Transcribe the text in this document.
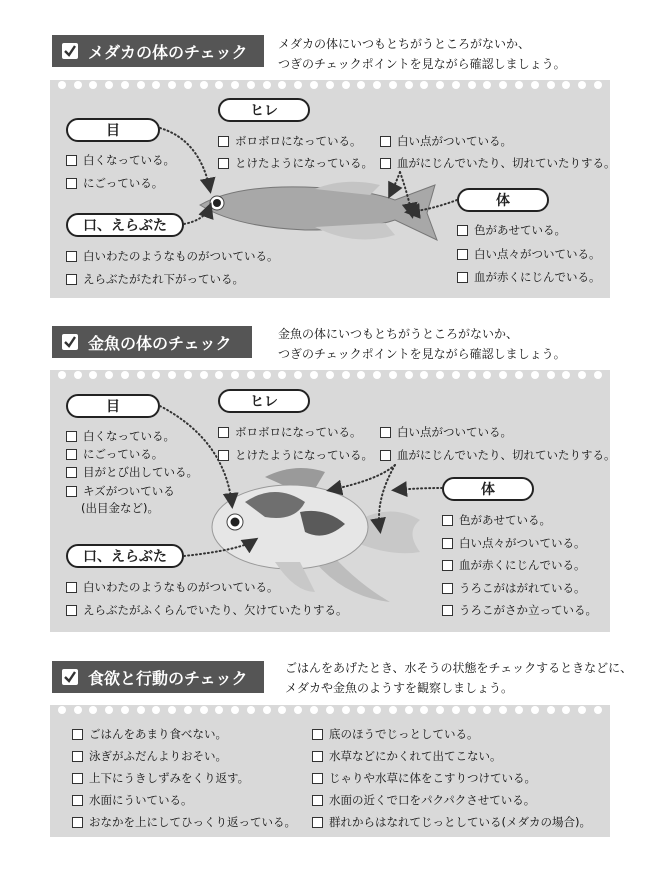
メダカの体のチェック	メダカの体にいつもとちがうところがないか、
つぎのチェックポイントを見ながら確認しましょう。
目
ヒレ
体
口、えらぶた
白くなっている。
にごっている。
ボロボロになっている。
とけたようになっている。
白い点がついている。
血がにじんでいたり、切れていたりする。
色があせている。
白い点々がついている。
血が赤くにじんでいる。
白いわたのようなものがついている。
えらぶたがたれ下がっている。
金魚の体のチェック	金魚の体にいつもとちがうところがないか、
つぎのチェックポイントを見ながら確認しましょう。
目	ヒレ
体
口、えらぶた
白くなっている。
にごっている。
目がとび出している。
キズがついている
(出目金など)。
ボロボロになっている。
とけたようになっている。
白い点がついている。
血がにじんでいたり、切れていたりする。
色があせている。
白い点々がついている。
血が赤くにじんでいる。
うろこがはがれている。
うろこがさか立っている。
白いわたのようなものがついている。
えらぶたがふくらんでいたり、欠けていたりする。
食欲と行動のチェック
ごはんをあげたとき、水そうの状態をチェックするときなどに、
メダカや金魚のようすを観察しましょう。
ごはんをあまり食べない。
泳ぎがふだんよりおそい。
上下にうきしずみをくり返す。
水面にういている。
おなかを上にしてひっくり返っている。
底のほうでじっとしている。
水草などにかくれて出てこない。
じゃりや水草に体をこすりつけている。
水面の近くで口をパクパクさせている。
群れからはなれてじっとしている(メダカの場合)。
